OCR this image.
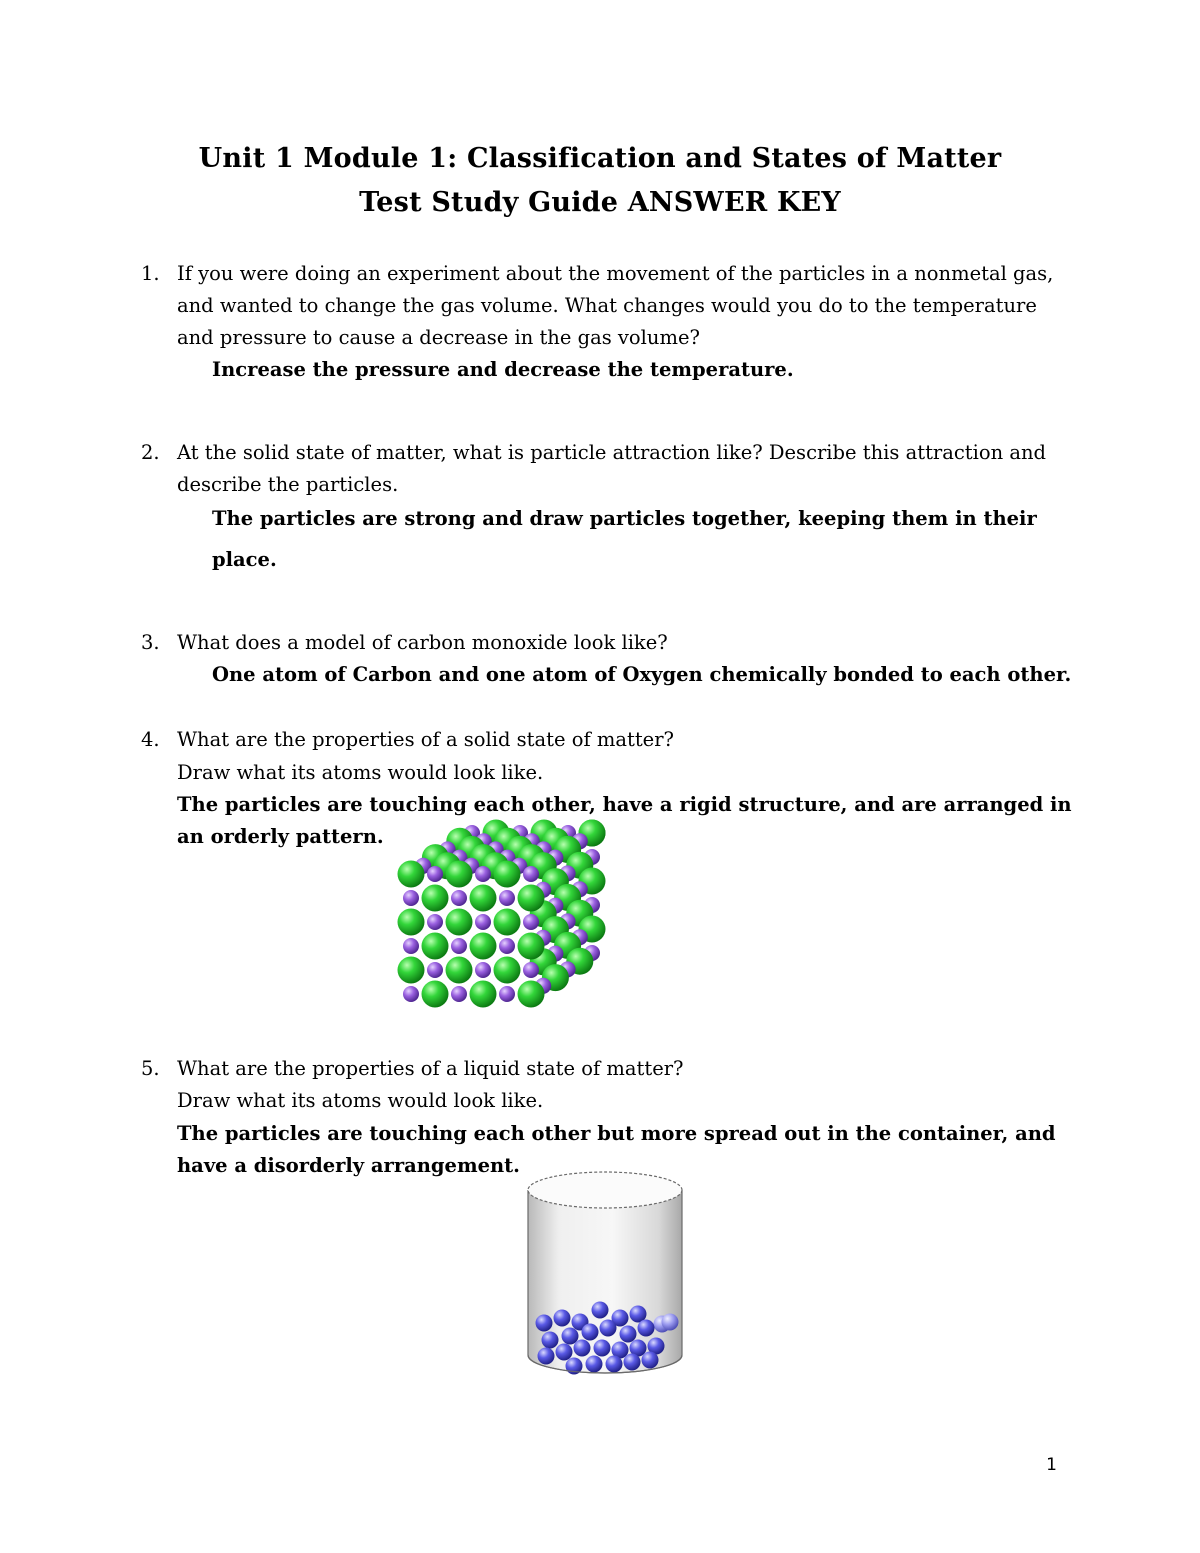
Unit 1 Module 1: Classification and States of Matter
Test Study Guide ANSWER KEY
1. If you were doing an experiment about the movement of the particles in a nonmetal gas,
and wanted to change the gas volume. What changes would you do to the temperature
and pressure to cause a decrease in the gas volume?
Increase the pressure and decrease the temperature.
2. At the solid state of matter, what is particle attraction like? Describe this attraction and
describe the particles.
The particles are strong and draw particles together, keeping them in their
place.
3. What does a model of carbon monoxide look like?
One atom of Carbon and one atom of Oxygen chemically bonded to each other.
4. What are the properties of a solid state of matter?
Draw what its atoms would look like.
The particles are touching each other, have a rigid structure, and are arranged in
an orderly pattern.
5. What are the properties of a liquid state of matter?
Draw what its atoms would look like.
The particles are touching each other but more spread out in the container, and
have a disorderly arrangement.
1
